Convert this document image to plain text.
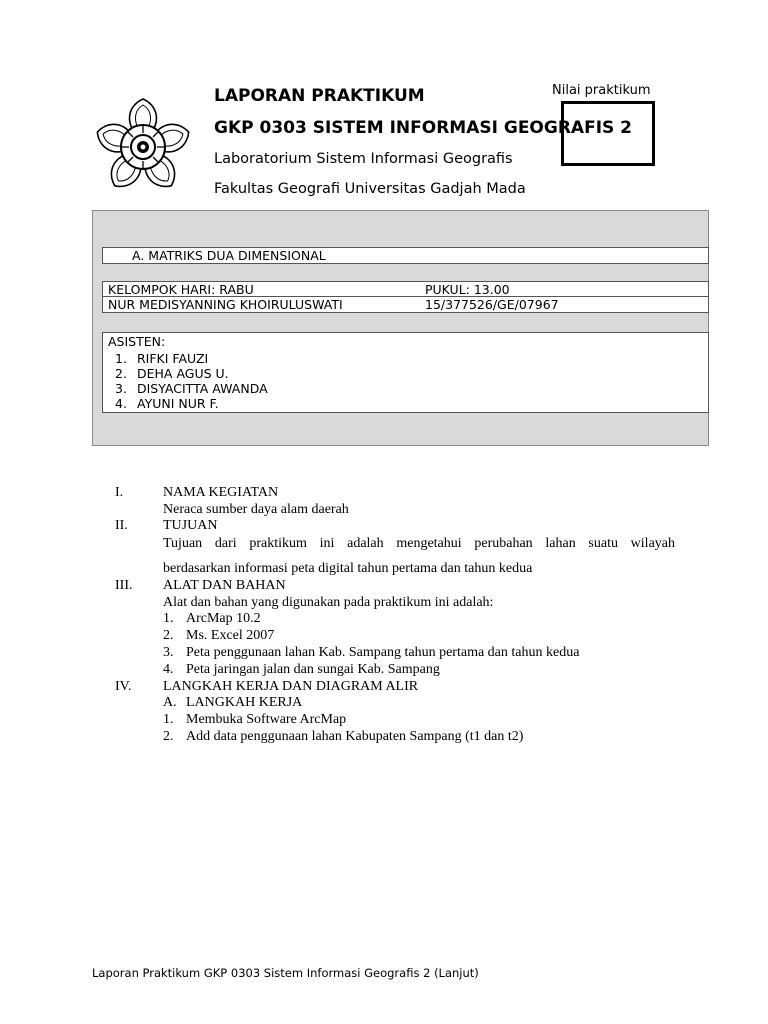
LAPORAN PRAKTIKUM
GKP 0303 SISTEM INFORMASI GEOGRAFIS 2
Laboratorium Sistem Informasi Geografis
Fakultas Geografi Universitas Gadjah Mada
Nilai praktikum
A. MATRIKS DUA DIMENSIONAL
KELOMPOK HARI: RABU	PUKUL: 13.00
NUR MEDISYANNING KHOIRULUSWATI	15/377526/GE/07967
ASISTEN:
1. RIFKI FAUZI
2. DEHA AGUS U.
3. DISYACITTA AWANDA
4. AYUNI NUR F.
I.	NAMA KEGIATAN
Neraca sumber daya alam daerah
II.	TUJUAN
Tujuan dari praktikum ini adalah mengetahui perubahan lahan suatu wilayah
berdasarkan informasi peta digital tahun pertama dan tahun kedua
III. ALAT DAN BAHAN
Alat dan bahan yang digunakan pada praktikum ini adalah:
1. ArcMap 10.2
2. Ms. Excel 2007
3. Peta penggunaan lahan Kab. Sampang tahun pertama dan tahun kedua
4. Peta jaringan jalan dan sungai Kab. Sampang
IV. LANGKAH KERJA DAN DIAGRAM ALIR
A. LANGKAH KERJA
1. Membuka Software ArcMap
2. Add data penggunaan lahan Kabupaten Sampang (t1 dan t2)
Laporan Praktikum GKP 0303 Sistem Informasi Geografis 2 (Lanjut)
